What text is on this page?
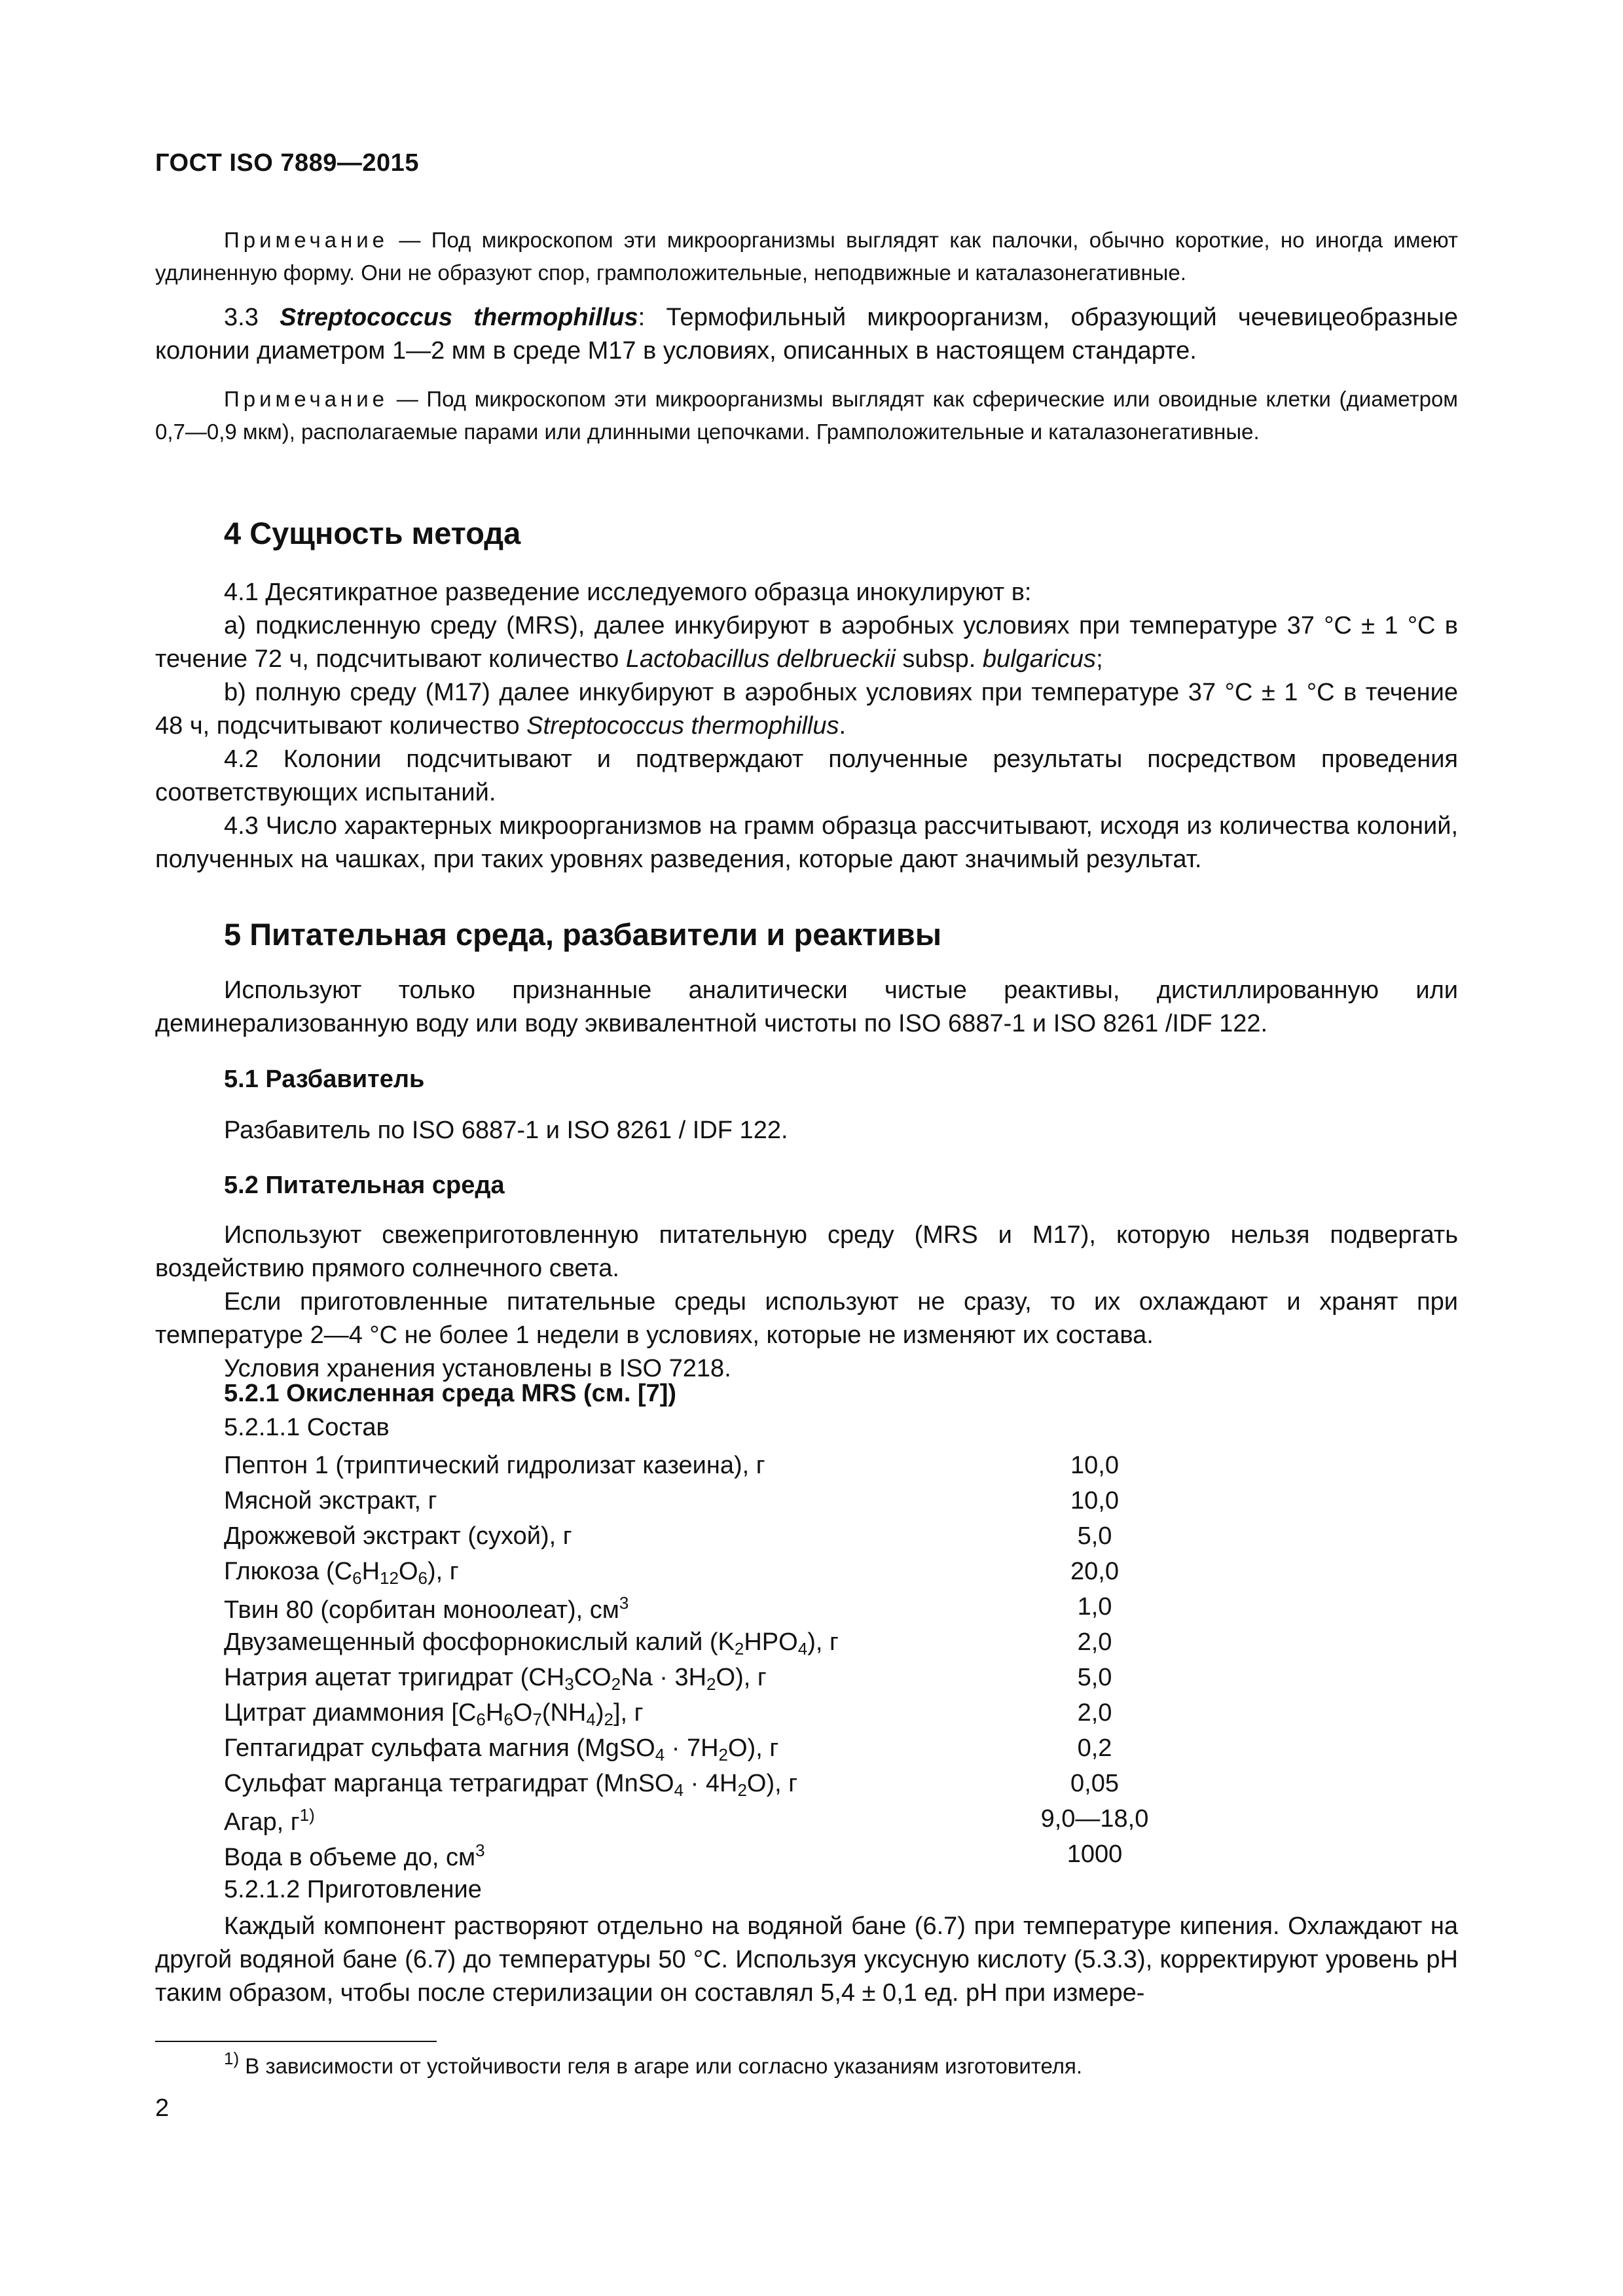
ГОСТ ISO 7889—2015
Примечание — Под микроскопом эти микроорганизмы выглядят как палочки, обычно короткие, но иногда имеют удлиненную форму. Они не образуют спор, грамположительные, неподвижные и каталазонегативные.
3.3 Streptococcus thermophillus: Термофильный микроорганизм, образующий чечевицеобразные колонии диаметром 1—2 мм в среде M17 в условиях, описанных в настоящем стандарте.
Примечание — Под микроскопом эти микроорганизмы выглядят как сферические или овоидные клетки (диаметром 0,7—0,9 мкм), располагаемые парами или длинными цепочками. Грамположительные и каталазонегативные.
4 Сущность метода
4.1 Десятикратное разведение исследуемого образца инокулируют в:
а) подкисленную среду (MRS), далее инкубируют в аэробных условиях при температуре 37 °С ± 1 °С в течение 72 ч, подсчитывают количество Lactobacillus delbrueckii subsp. bulgaricus;
b) полную среду (M17) далее инкубируют в аэробных условиях при температуре 37 °С ± 1 °С в течение 48 ч, подсчитывают количество Streptococcus thermophillus.
4.2 Колонии подсчитывают и подтверждают полученные результаты посредством проведения соответствующих испытаний.
4.3 Число характерных микроорганизмов на грамм образца рассчитывают, исходя из количества колоний, полученных на чашках, при таких уровнях разведения, которые дают значимый результат.
5 Питательная среда, разбавители и реактивы
Используют только признанные аналитически чистые реактивы, дистиллированную или деминерализованную воду или воду эквивалентной чистоты по ISO 6887-1 и ISO 8261 /IDF 122.
5.1 Разбавитель
Разбавитель по ISO 6887-1 и ISO 8261 / IDF 122.
5.2 Питательная среда
Используют свежеприготовленную питательную среду (MRS и M17), которую нельзя подвергать воздействию прямого солнечного света.
Если приготовленные питательные среды используют не сразу, то их охлаждают и хранят при температуре 2—4 °С не более 1 недели в условиях, которые не изменяют их состава.
Условия хранения установлены в ISO 7218.
5.2.1 Окисленная среда MRS (см. [7])
5.2.1.1 Состав
Пептон 1 (триптический гидролизат казеина), г	10,0
Мясной экстракт, г	10,0
Дрожжевой экстракт (сухой), г	5,0
Глюкоза $(C_6H_{12}O_6)$, г	20,0
Твин 80 (сорбитан моноолеат), $см^3$	1,0
Двузамещенный фосфорнокислый калий $(K_2HPO_4)$, г	2,0
Натрия ацетат тригидрат $(CH_3CO_2Na \cdot 3H_2O)$, г	5,0
Цитрат диаммония $[C_6H_6O_7(NH_4)_2]$, г	2,0
Гептагидрат сульфата магния (MgSO$_4$ · $7H_2O$), г	0,2
Сульфат марганца тетрагидрат (MnSO$_4$ · $4H_2O$), г	0,05
Агар, $г^{1)}$	9,0—18,0
Вода в объеме до, $см^3$	1000
5.2.1.2 Приготовление
Каждый компонент растворяют отдельно на водяной бане (6.7) при температуре кипения. Охлаждают на другой водяной бане (6.7) до температуры 50 °С. Используя уксусную кислоту (5.3.3), корректируют уровень pH таким образом, чтобы после стерилизации он составлял 5,4 ± 0,1 ед. pH при измере-
$^{1)}$ В зависимости от устойчивости геля в агаре или согласно указаниям изготовителя.
2
